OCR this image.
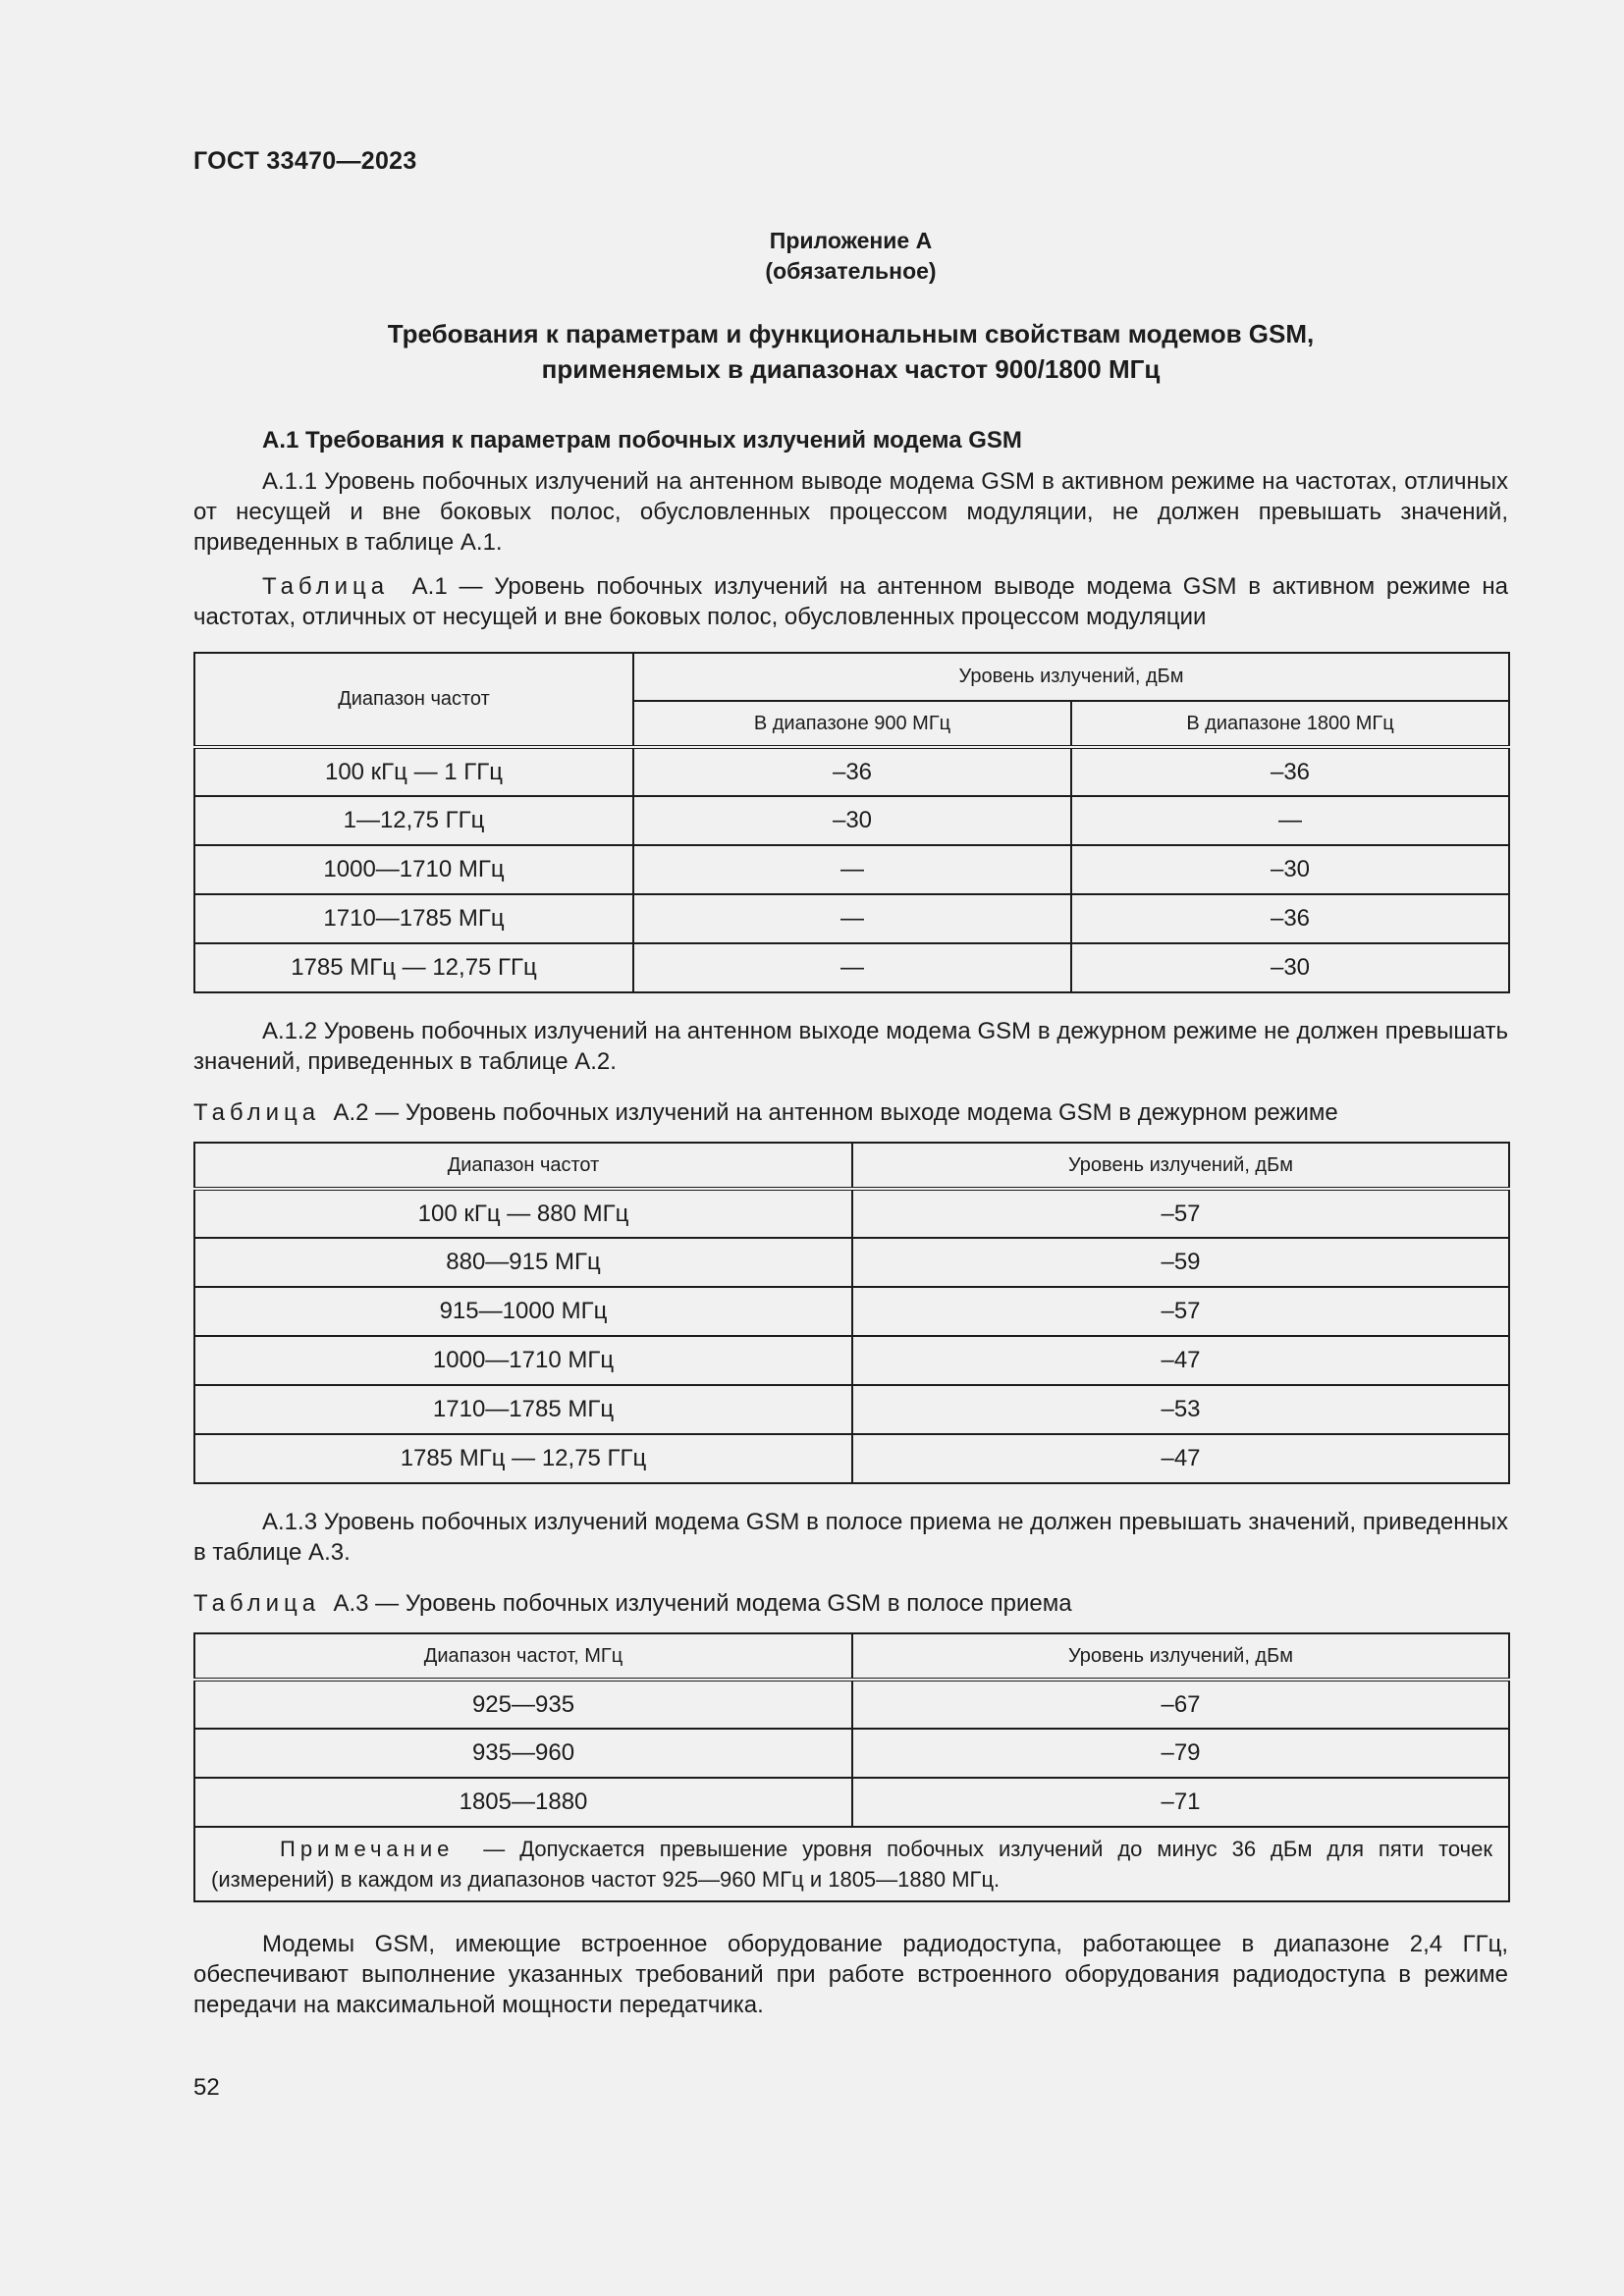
ГОСТ 33470—2023
Приложение А
(обязательное)
Требования к параметрам и функциональным свойствам модемов GSM,
применяемых в диапазонах частот 900/1800 МГц
А.1 Требования к параметрам побочных излучений модема GSM
А.1.1 Уровень побочных излучений на антенном выводе модема GSM в активном режиме на частотах, отличных от несущей и вне боковых полос, обусловленных процессом модуляции, не должен превышать значений, приведенных в таблице А.1.
Таблица А.1 — Уровень побочных излучений на антенном выводе модема GSM в активном режиме на частотах, отличных от несущей и вне боковых полос, обусловленных процессом модуляции
Диапазон частот	Уровень излучений, дБм	
	В диапазоне 900 МГц	В диапазоне 1800 МГц
100 кГц — 1 ГГц	–36	–36
1—12,75 ГГц	–30	—
1000—1710 МГц	—	–30
1710—1785 МГц	—	–36
1785 МГц — 12,75 ГГц	—	–30
А.1.2 Уровень побочных излучений на антенном выходе модема GSM в дежурном режиме не должен превышать значений, приведенных в таблице А.2.
Таблица А.2 — Уровень побочных излучений на антенном выходе модема GSM в дежурном режиме
Диапазон частот	Уровень излучений, дБм
100 кГц — 880 МГц	–57
880—915 МГц	–59
915—1000 МГц	–57
1000—1710 МГц	–47
1710—1785 МГц	–53
1785 МГц — 12,75 ГГц	–47
А.1.3 Уровень побочных излучений модема GSM в полосе приема не должен превышать значений, приведенных в таблице А.3.
Таблица А.3 — Уровень побочных излучений модема GSM в полосе приема
Диапазон частот, МГц	Уровень излучений, дБм
925—935	–67
935—960	–79
1805—1880	–71
Примечание — Допускается превышение уровня побочных излучений до минус 36 дБм для пяти точек (измерений) в каждом из диапазонов частот 925—960 МГц и 1805—1880 МГц.	
Модемы GSM, имеющие встроенное оборудование радиодоступа, работающее в диапазоне 2,4 ГГц, обеспечивают выполнение указанных требований при работе встроенного оборудования радиодоступа в режиме передачи на максимальной мощности передатчика.
52
